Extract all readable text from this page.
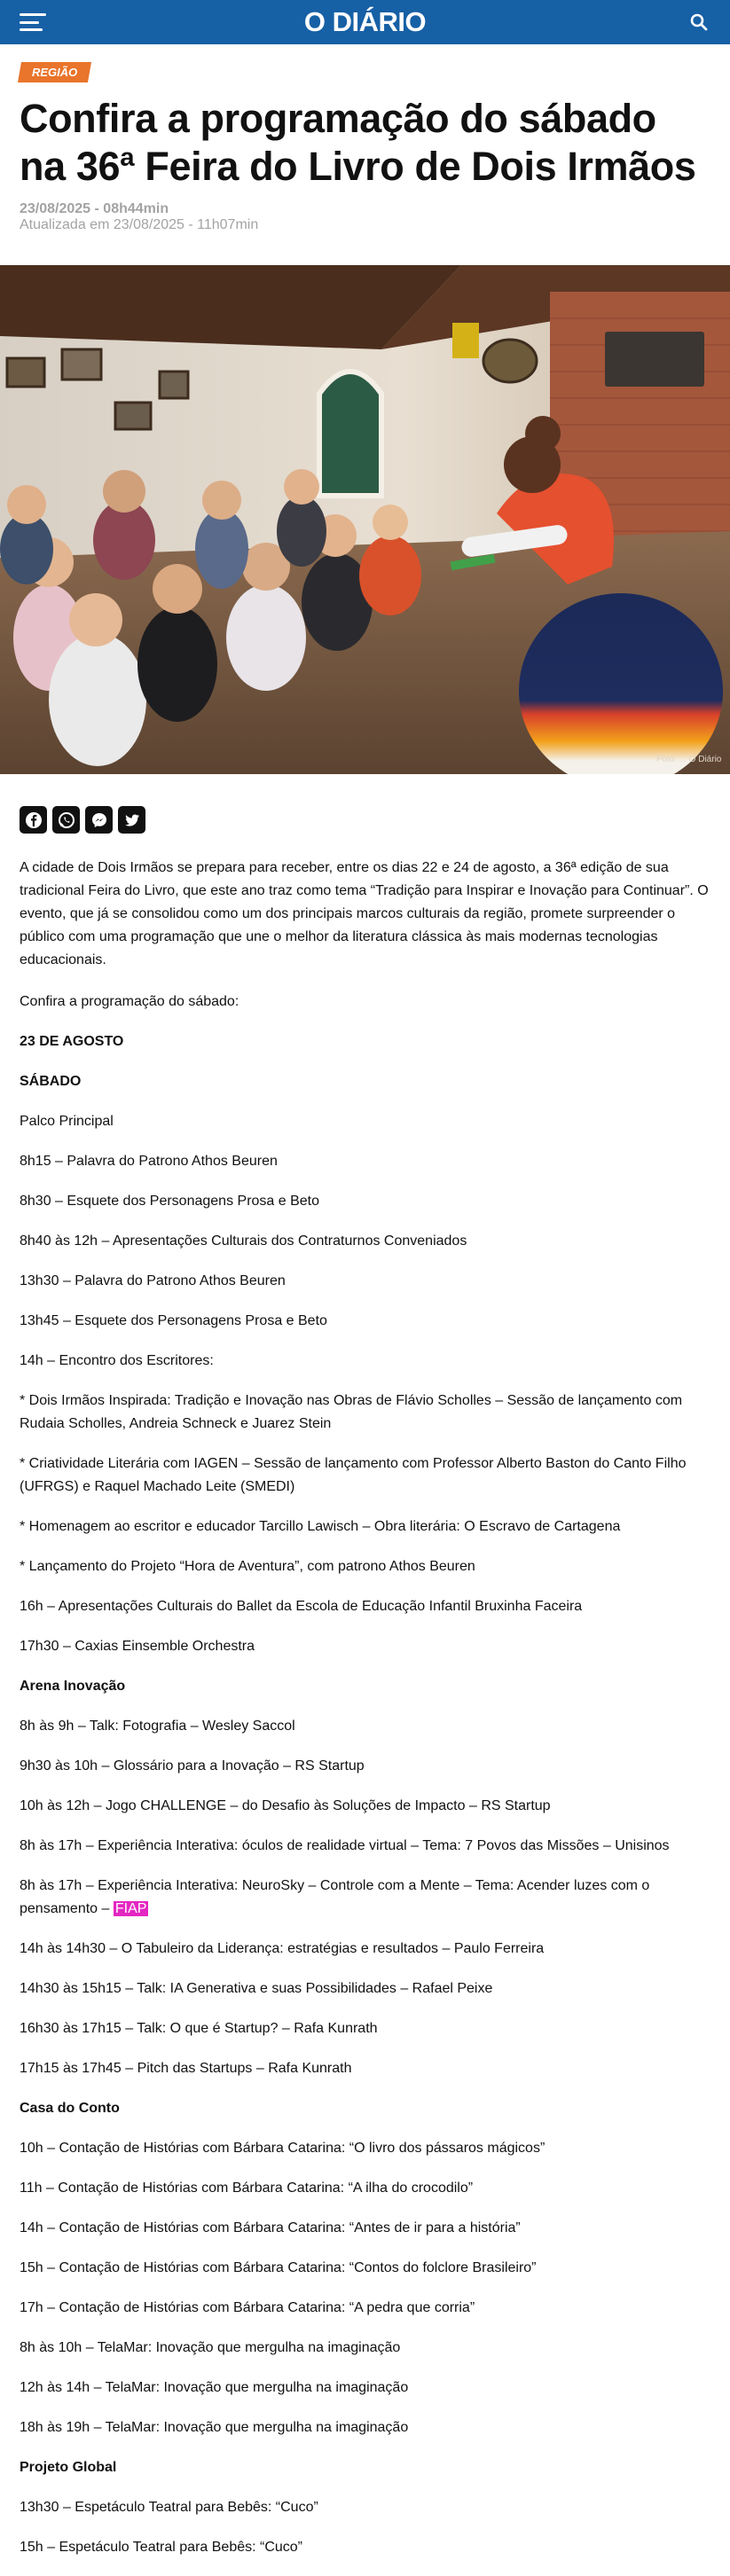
O DIÁRIO
REGIÃO
Confira a programação do sábado na 36ª Feira do Livro de Dois Irmãos
23/08/2025 - 08h44min
Atualizada em 23/08/2025 - 11h07min
Foto: ... O Diário

A cidade de Dois Irmãos se prepara para receber, entre os dias 22 e 24 de agosto, a 36ª edição de sua tradicional Feira do Livro, que este ano traz como tema “Tradição para Inspirar e Inovação para Continuar”. O evento, que já se consolidou como um dos principais marcos culturais da região, promete surpreender o público com uma programação que une o melhor da literatura clássica às mais modernas tecnologias educacionais.

Confira a programação do sábado:

23 DE AGOSTO

SÁBADO

Palco Principal

8h15 – Palavra do Patrono Athos Beuren

8h30 – Esquete dos Personagens Prosa e Beto

8h40 às 12h – Apresentações Culturais dos Contraturnos Conveniados

13h30 – Palavra do Patrono Athos Beuren

13h45 – Esquete dos Personagens Prosa e Beto

14h – Encontro dos Escritores:

* Dois Irmãos Inspirada: Tradição e Inovação nas Obras de Flávio Scholles – Sessão de lançamento com Rudaia Scholles, Andreia Schneck e Juarez Stein

* Criatividade Literária com IAGEN – Sessão de lançamento com Professor Alberto Baston do Canto Filho (UFRGS) e Raquel Machado Leite (SMEDI)

* Homenagem ao escritor e educador Tarcillo Lawisch – Obra literária: O Escravo de Cartagena

* Lançamento do Projeto “Hora de Aventura”, com patrono Athos Beuren

16h – Apresentações Culturais do Ballet da Escola de Educação Infantil Bruxinha Faceira

17h30 – Caxias Einsemble Orchestra

Arena Inovação

8h às 9h – Talk: Fotografia – Wesley Saccol

9h30 às 10h – Glossário para a Inovação – RS Startup

10h às 12h – Jogo CHALLENGE – do Desafio às Soluções de Impacto – RS Startup

8h às 17h – Experiência Interativa: óculos de realidade virtual – Tema: 7 Povos das Missões – Unisinos

8h às 17h – Experiência Interativa: NeuroSky – Controle com a Mente – Tema: Acender luzes com o pensamento – FIAP

14h às 14h30 – O Tabuleiro da Liderança: estratégias e resultados – Paulo Ferreira

14h30 às 15h15 – Talk: IA Generativa e suas Possibilidades – Rafael Peixe

16h30 às 17h15 – Talk: O que é Startup? – Rafa Kunrath

17h15 às 17h45 – Pitch das Startups – Rafa Kunrath

Casa do Conto

10h – Contação de Histórias com Bárbara Catarina: “O livro dos pássaros mágicos”

11h – Contação de Histórias com Bárbara Catarina: “A ilha do crocodilo”

14h – Contação de Histórias com Bárbara Catarina: “Antes de ir para a história”

15h – Contação de Histórias com Bárbara Catarina: “Contos do folclore Brasileiro”

17h – Contação de Histórias com Bárbara Catarina: “A pedra que corria”

8h às 10h – TelaMar: Inovação que mergulha na imaginação

12h às 14h – TelaMar: Inovação que mergulha na imaginação

18h às 19h – TelaMar: Inovação que mergulha na imaginação

Projeto Global

13h30 – Espetáculo Teatral para Bebês: “Cuco”

15h – Espetáculo Teatral para Bebês: “Cuco”
